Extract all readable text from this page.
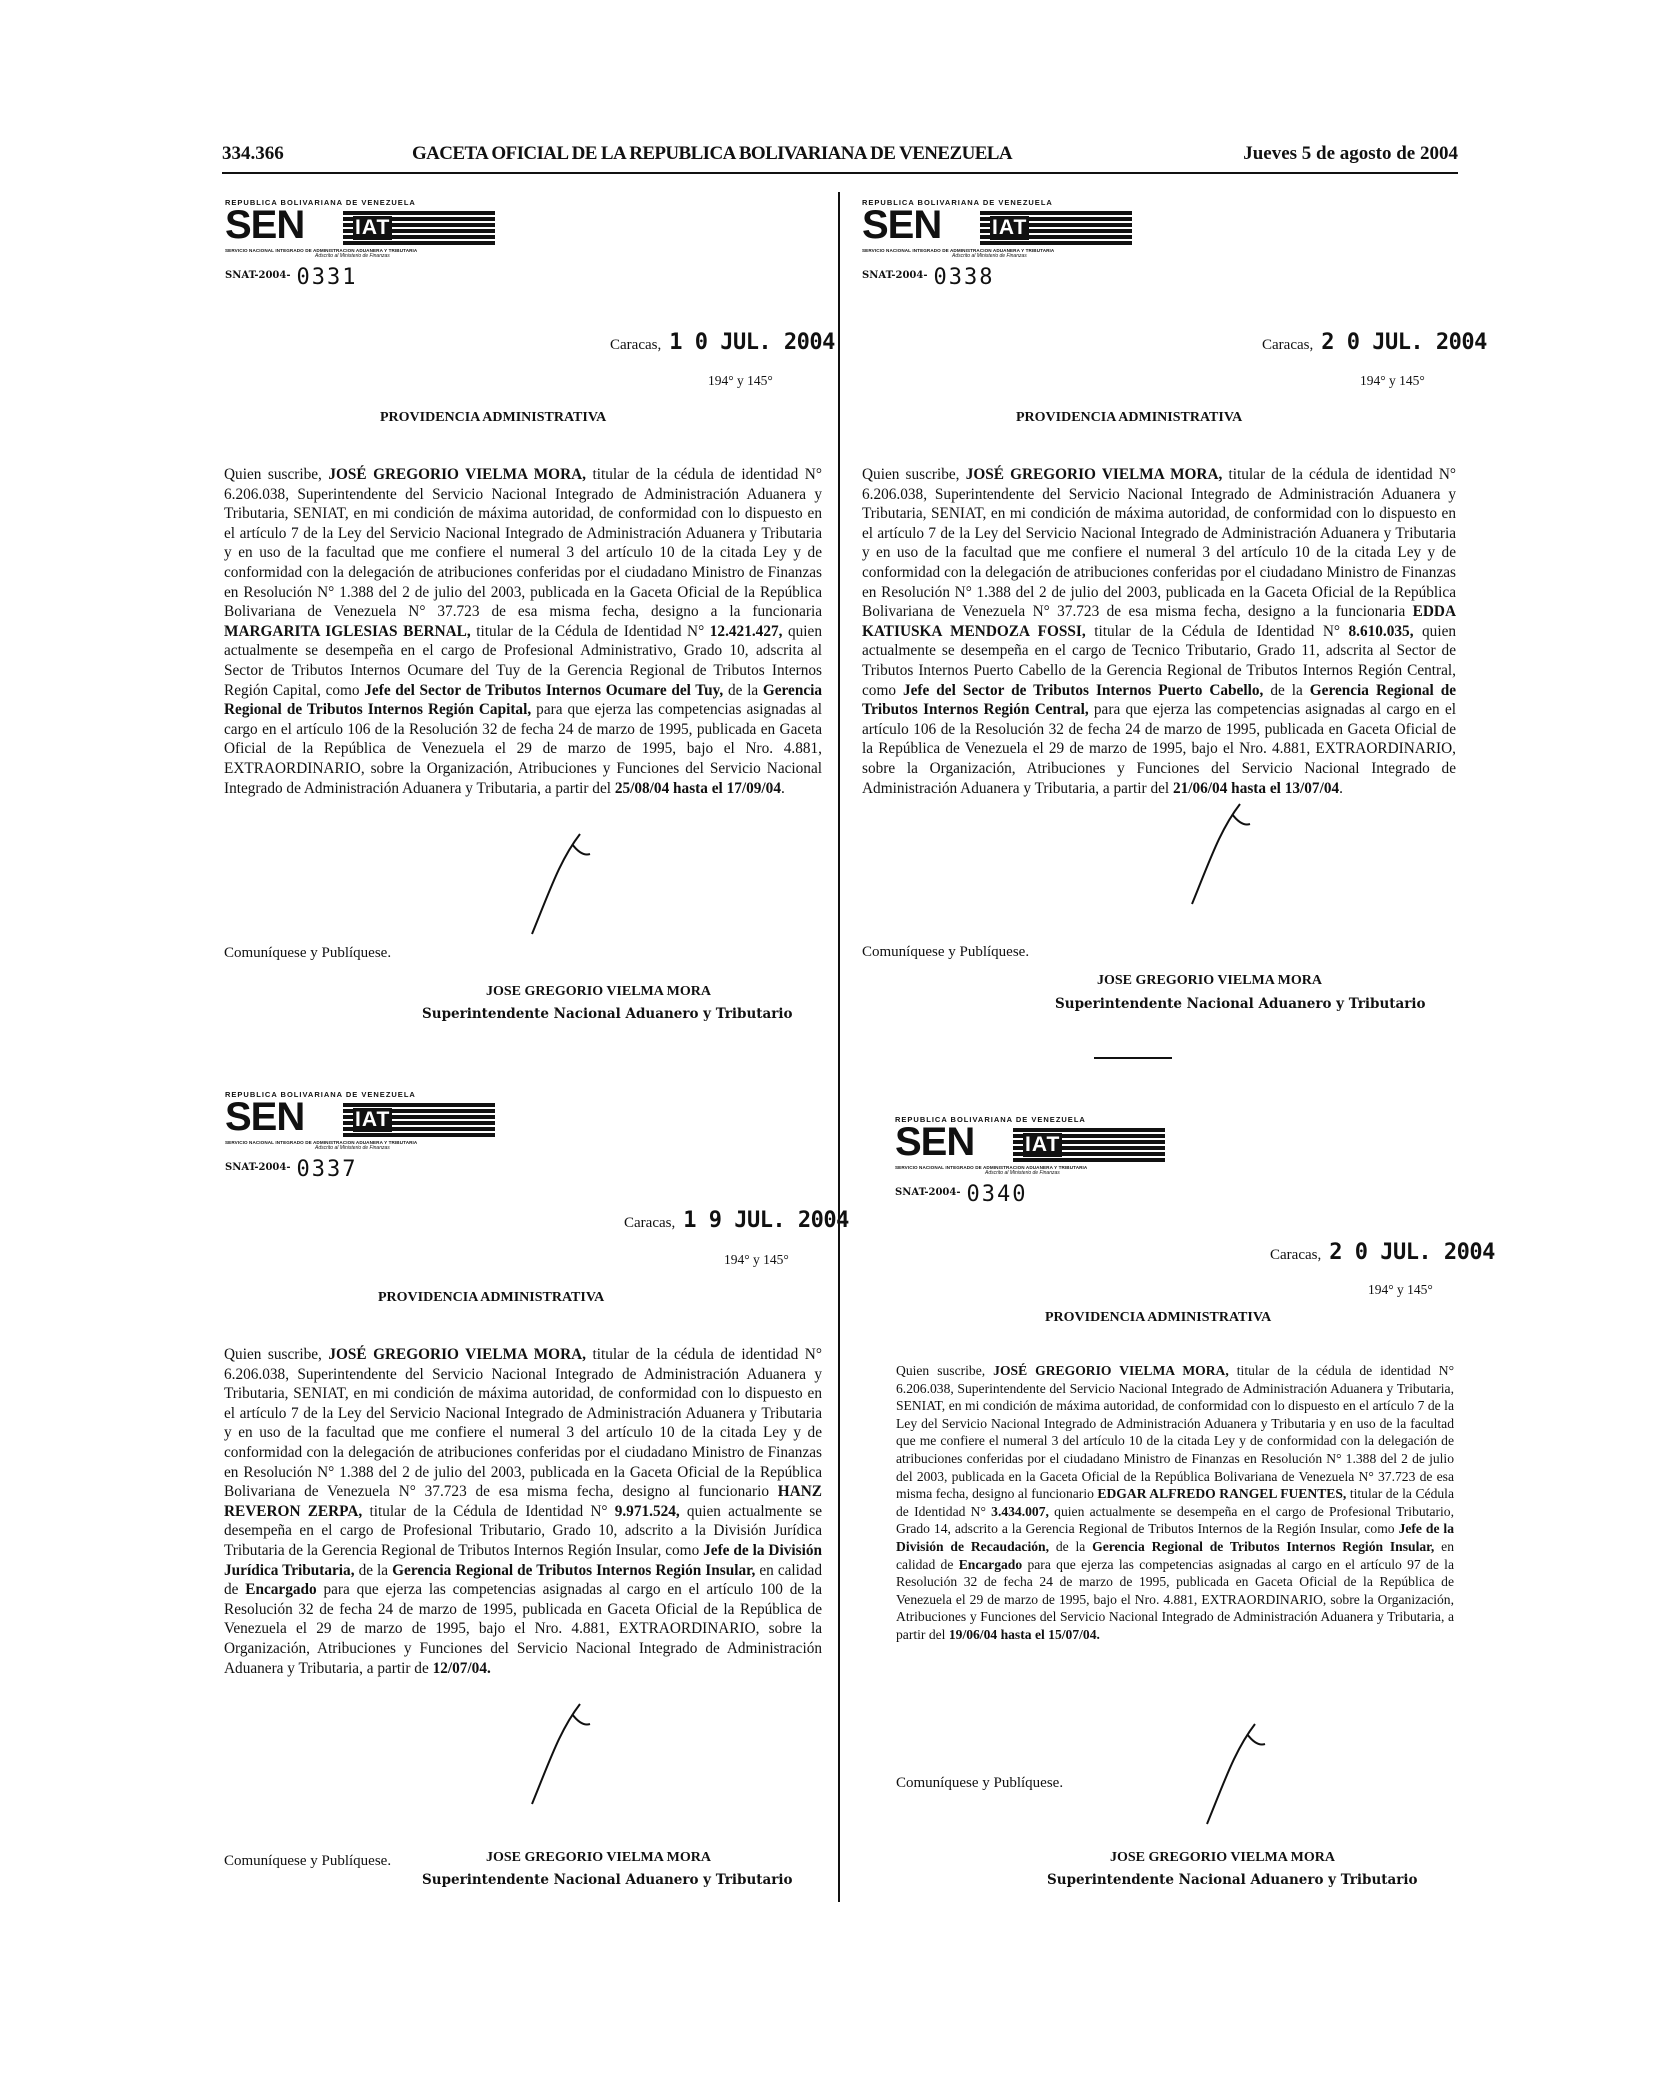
334.366	GACETA OFICIAL DE LA REPUBLICA BOLIVARIANA DE VENEZUELA	Jueves 5 de agosto de 2004
REPUBLICA BOLIVARIANA DE VENEZUELA
SEN IAT
SERVICIO NACIONAL INTEGRADO DE ADMINISTRACION ADUANERA Y TRIBUTARIA
Adscrito al Ministerio de Finanzas
SNAT-2004- 0331
Caracas, 1 0 JUL. 2004
194° y 145°
PROVIDENCIA ADMINISTRATIVA
Quien suscribe, JOSÉ GREGORIO VIELMA MORA, titular de la cédula de identidad N° 6.206.038, Superintendente del Servicio Nacional Integrado de Administración Aduanera y Tributaria, SENIAT, en mi condición de máxima autoridad, de conformidad con lo dispuesto en el artículo 7 de la Ley del Servicio Nacional Integrado de Administración Aduanera y Tributaria y en uso de la facultad que me confiere el numeral 3 del artículo 10 de la citada Ley y de conformidad con la delegación de atribuciones conferidas por el ciudadano Ministro de Finanzas en Resolución N° 1.388 del 2 de julio del 2003, publicada en la Gaceta Oficial de la República Bolivariana de Venezuela N° 37.723 de esa misma fecha, designo a la funcionaria MARGARITA IGLESIAS BERNAL, titular de la Cédula de Identidad N° 12.421.427, quien actualmente se desempeña en el cargo de Profesional Administrativo, Grado 10, adscrita al Sector de Tributos Internos Ocumare del Tuy de la Gerencia Regional de Tributos Internos Región Capital, como Jefe del Sector de Tributos Internos Ocumare del Tuy, de la Gerencia Regional de Tributos Internos Región Capital, para que ejerza las competencias asignadas al cargo en el artículo 106 de la Resolución 32 de fecha 24 de marzo de 1995, publicada en Gaceta Oficial de la República de Venezuela el 29 de marzo de 1995, bajo el Nro. 4.881, EXTRAORDINARIO, sobre la Organización, Atribuciones y Funciones del Servicio Nacional Integrado de Administración Aduanera y Tributaria, a partir del 25/08/04 hasta el 17/09/04.
Comuníquese y Publíquese.
JOSE GREGORIO VIELMA MORA
Superintendente Nacional Aduanero y Tributario
REPUBLICA BOLIVARIANA DE VENEZUELA
SEN IAT
SERVICIO NACIONAL INTEGRADO DE ADMINISTRACION ADUANERA Y TRIBUTARIA
Adscrito al Ministerio de Finanzas
SNAT-2004- 0338
Caracas, 2 0 JUL. 2004
194° y 145°
PROVIDENCIA ADMINISTRATIVA
Quien suscribe, JOSÉ GREGORIO VIELMA MORA, titular de la cédula de identidad N° 6.206.038, Superintendente del Servicio Nacional Integrado de Administración Aduanera y Tributaria, SENIAT, en mi condición de máxima autoridad, de conformidad con lo dispuesto en el artículo 7 de la Ley del Servicio Nacional Integrado de Administración Aduanera y Tributaria y en uso de la facultad que me confiere el numeral 3 del artículo 10 de la citada Ley y de conformidad con la delegación de atribuciones conferidas por el ciudadano Ministro de Finanzas en Resolución N° 1.388 del 2 de julio del 2003, publicada en la Gaceta Oficial de la República Bolivariana de Venezuela N° 37.723 de esa misma fecha, designo a la funcionaria EDDA KATIUSKA MENDOZA FOSSI, titular de la Cédula de Identidad N° 8.610.035, quien actualmente se desempeña en el cargo de Tecnico Tributario, Grado 11, adscrita al Sector de Tributos Internos Puerto Cabello de la Gerencia Regional de Tributos Internos Región Central, como Jefe del Sector de Tributos Internos Puerto Cabello, de la Gerencia Regional de Tributos Internos Región Central, para que ejerza las competencias asignadas al cargo en el artículo 106 de la Resolución 32 de fecha 24 de marzo de 1995, publicada en Gaceta Oficial de la República de Venezuela el 29 de marzo de 1995, bajo el Nro. 4.881, EXTRAORDINARIO, sobre la Organización, Atribuciones y Funciones del Servicio Nacional Integrado de Administración Aduanera y Tributaria, a partir del 21/06/04 hasta el 13/07/04.
Comuníquese y Publíquese.
JOSE GREGORIO VIELMA MORA
Superintendente Nacional Aduanero y Tributario
REPUBLICA BOLIVARIANA DE VENEZUELA
SEN IAT
SERVICIO NACIONAL INTEGRADO DE ADMINISTRACION ADUANERA Y TRIBUTARIA
Adscrito al Ministerio de Finanzas
SNAT-2004- 0337
Caracas, 1 9 JUL. 2004
194° y 145°
PROVIDENCIA ADMINISTRATIVA
Quien suscribe, JOSÉ GREGORIO VIELMA MORA, titular de la cédula de identidad N° 6.206.038, Superintendente del Servicio Nacional Integrado de Administración Aduanera y Tributaria, SENIAT, en mi condición de máxima autoridad, de conformidad con lo dispuesto en el artículo 7 de la Ley del Servicio Nacional Integrado de Administración Aduanera y Tributaria y en uso de la facultad que me confiere el numeral 3 del artículo 10 de la citada Ley y de conformidad con la delegación de atribuciones conferidas por el ciudadano Ministro de Finanzas en Resolución N° 1.388 del 2 de julio del 2003, publicada en la Gaceta Oficial de la República Bolivariana de Venezuela N° 37.723 de esa misma fecha, designo al funcionario HANZ REVERON ZERPA, titular de la Cédula de Identidad N° 9.971.524, quien actualmente se desempeña en el cargo de Profesional Tributario, Grado 10, adscrito a la División Jurídica Tributaria de la Gerencia Regional de Tributos Internos Región Insular, como Jefe de la División Jurídica Tributaria, de la Gerencia Regional de Tributos Internos Región Insular, en calidad de Encargado para que ejerza las competencias asignadas al cargo en el artículo 100 de la Resolución 32 de fecha 24 de marzo de 1995, publicada en Gaceta Oficial de la República de Venezuela el 29 de marzo de 1995, bajo el Nro. 4.881, EXTRAORDINARIO, sobre la Organización, Atribuciones y Funciones del Servicio Nacional Integrado de Administración Aduanera y Tributaria, a partir de 12/07/04.
Comuníquese y Publíquese.	JOSE GREGORIO VIELMA MORA
Superintendente Nacional Aduanero y Tributario
REPUBLICA BOLIVARIANA DE VENEZUELA
SEN IAT
SERVICIO NACIONAL INTEGRADO DE ADMINISTRACION ADUANERA Y TRIBUTARIA
Adscrito al Ministerio de Finanzas
SNAT-2004- 0340
Caracas, 2 0 JUL. 2004
194° y 145°
PROVIDENCIA ADMINISTRATIVA
Quien suscribe, JOSÉ GREGORIO VIELMA MORA, titular de la cédula de identidad N° 6.206.038, Superintendente del Servicio Nacional Integrado de Administración Aduanera y Tributaria, SENIAT, en mi condición de máxima autoridad, de conformidad con lo dispuesto en el artículo 7 de la Ley del Servicio Nacional Integrado de Administración Aduanera y Tributaria y en uso de la facultad que me confiere el numeral 3 del artículo 10 de la citada Ley y de conformidad con la delegación de atribuciones conferidas por el ciudadano Ministro de Finanzas en Resolución N° 1.388 del 2 de julio del 2003, publicada en la Gaceta Oficial de la República Bolivariana de Venezuela N° 37.723 de esa misma fecha, designo al funcionario EDGAR ALFREDO RANGEL FUENTES, titular de la Cédula de Identidad N° 3.434.007, quien actualmente se desempeña en el cargo de Profesional Tributario, Grado 14, adscrito a la Gerencia Regional de Tributos Internos de la Región Insular, como Jefe de la División de Recaudación, de la Gerencia Regional de Tributos Internos Región Insular, en calidad de Encargado para que ejerza las competencias asignadas al cargo en el artículo 97 de la Resolución 32 de fecha 24 de marzo de 1995, publicada en Gaceta Oficial de la República de Venezuela el 29 de marzo de 1995, bajo el Nro. 4.881, EXTRAORDINARIO, sobre la Organización, Atribuciones y Funciones del Servicio Nacional Integrado de Administración Aduanera y Tributaria, a partir del 19/06/04 hasta el 15/07/04.
Comuníquese y Publíquese.
JOSE GREGORIO VIELMA MORA
Superintendente Nacional Aduanero y Tributario
